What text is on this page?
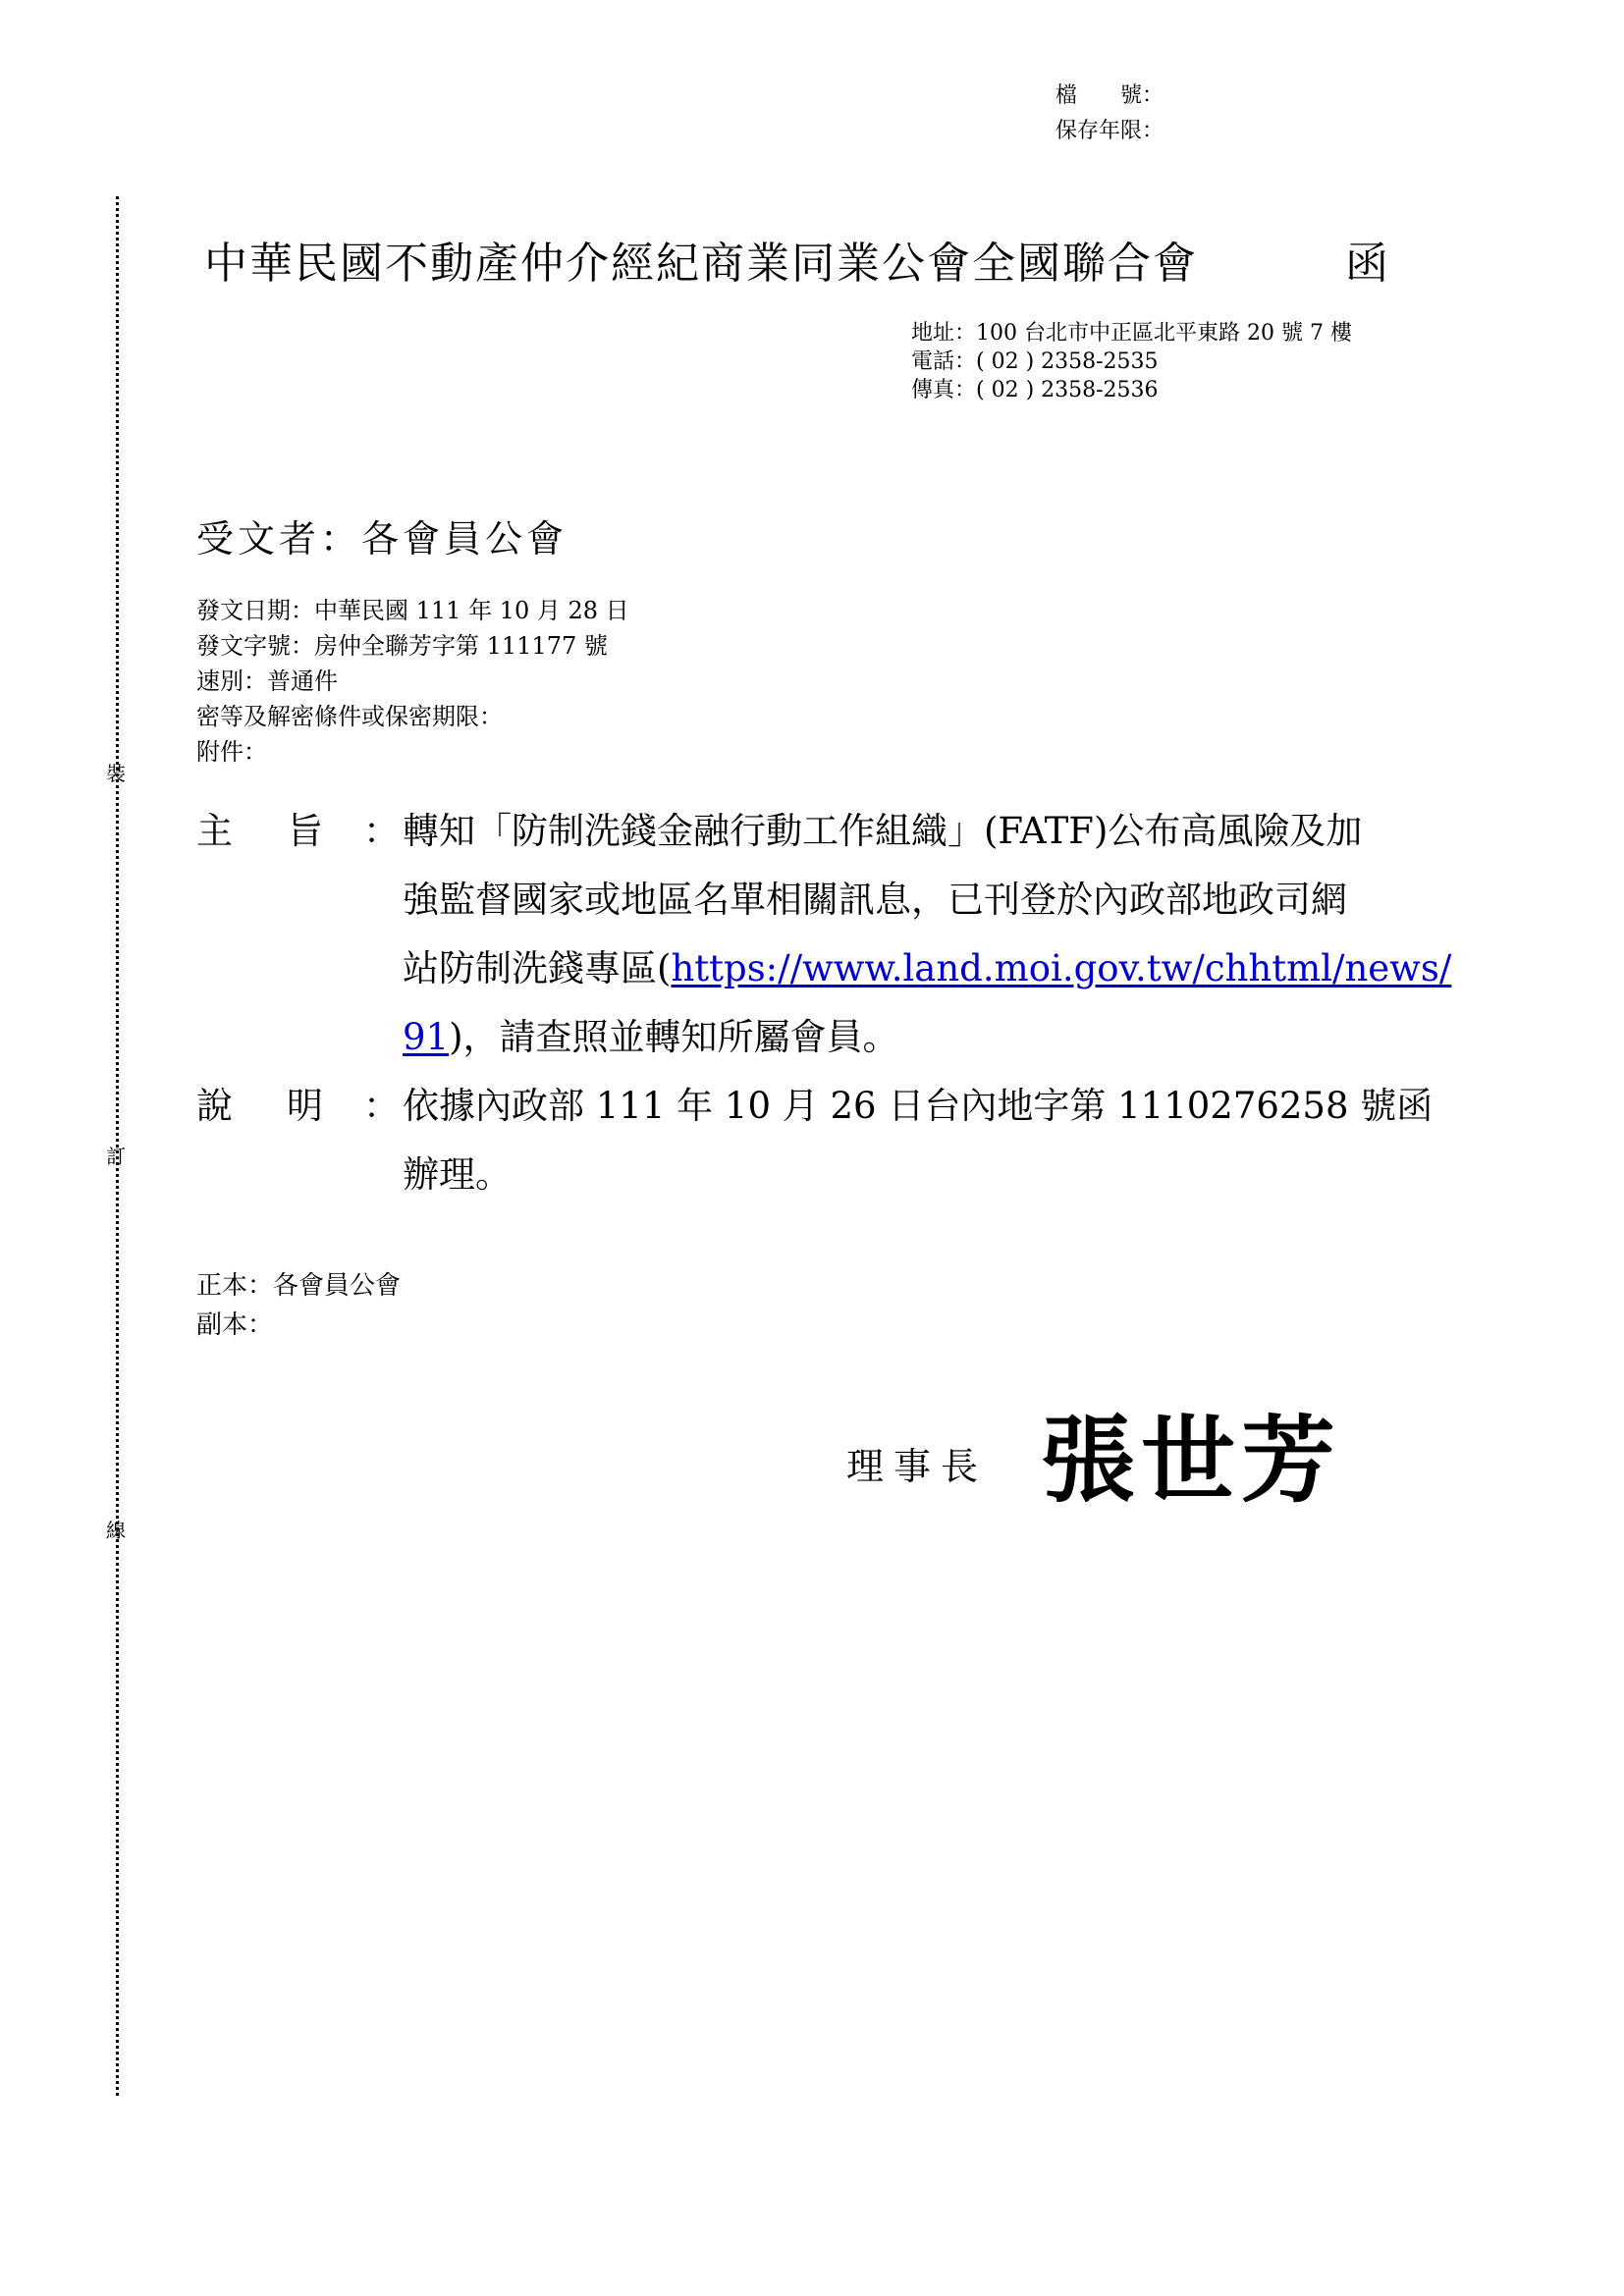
檔　　號：
保存年限：
裝
訂
線
中華民國不動產仲介經紀商業同業公會全國聯合會	函
地址：100 台北市中正區北平東路 20 號 7 樓
電話：( 02 ) 2358-2535
傳真：( 02 ) 2358-2536
受文者：各會員公會
發文日期：中華民國 111 年 10 月 28 日
發文字號：房仲全聯芳字第 111177 號
速別：普通件
密等及解密條件或保密期限：
附件：
主 旨 ： 轉知「防制洗錢金融行動工作組織」(FATF)公布高風險及加
強監督國家或地區名單相關訊息，已刊登於內政部地政司網
站防制洗錢專區(https://www.land.moi.gov.tw/chhtml/news/
91)，請查照並轉知所屬會員。
說 明 ： 依據內政部 111 年 10 月 26 日台內地字第 1110276258 號函
辦理。
正本：各會員公會
副本：
理事長 張世芳
